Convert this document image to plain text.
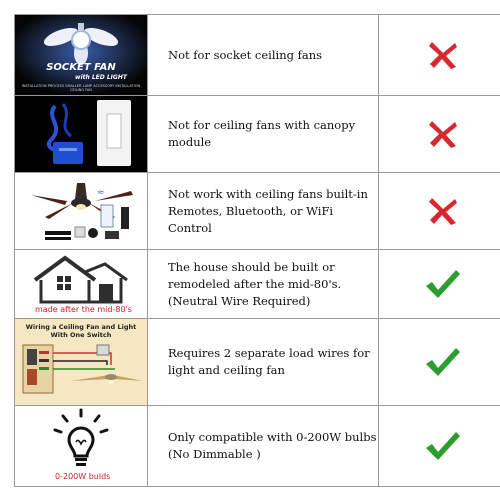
SOCKET FAN
with LED LIGHT
INSTALLATION PROCESS SMALLER LAMP ACCESSORY INSTALLATION CEILING FAN	Not for socket ceiling fans	

	Not for ceiling fans with canopy module	

≈	Not work with ceiling fans built-in Remotes, Bluetooth, or WiFi Control	

made after the mid-80's	The house should be built or remodeled after the mid-80's. (Neutral Wire Required)	

Wiring a Ceiling Fan and Light With One Switch	Requires 2 separate load wires for light and ceiling fan	

0-200W bulds	Only compatible with 0-200W bulbs (No Dimmable )	
